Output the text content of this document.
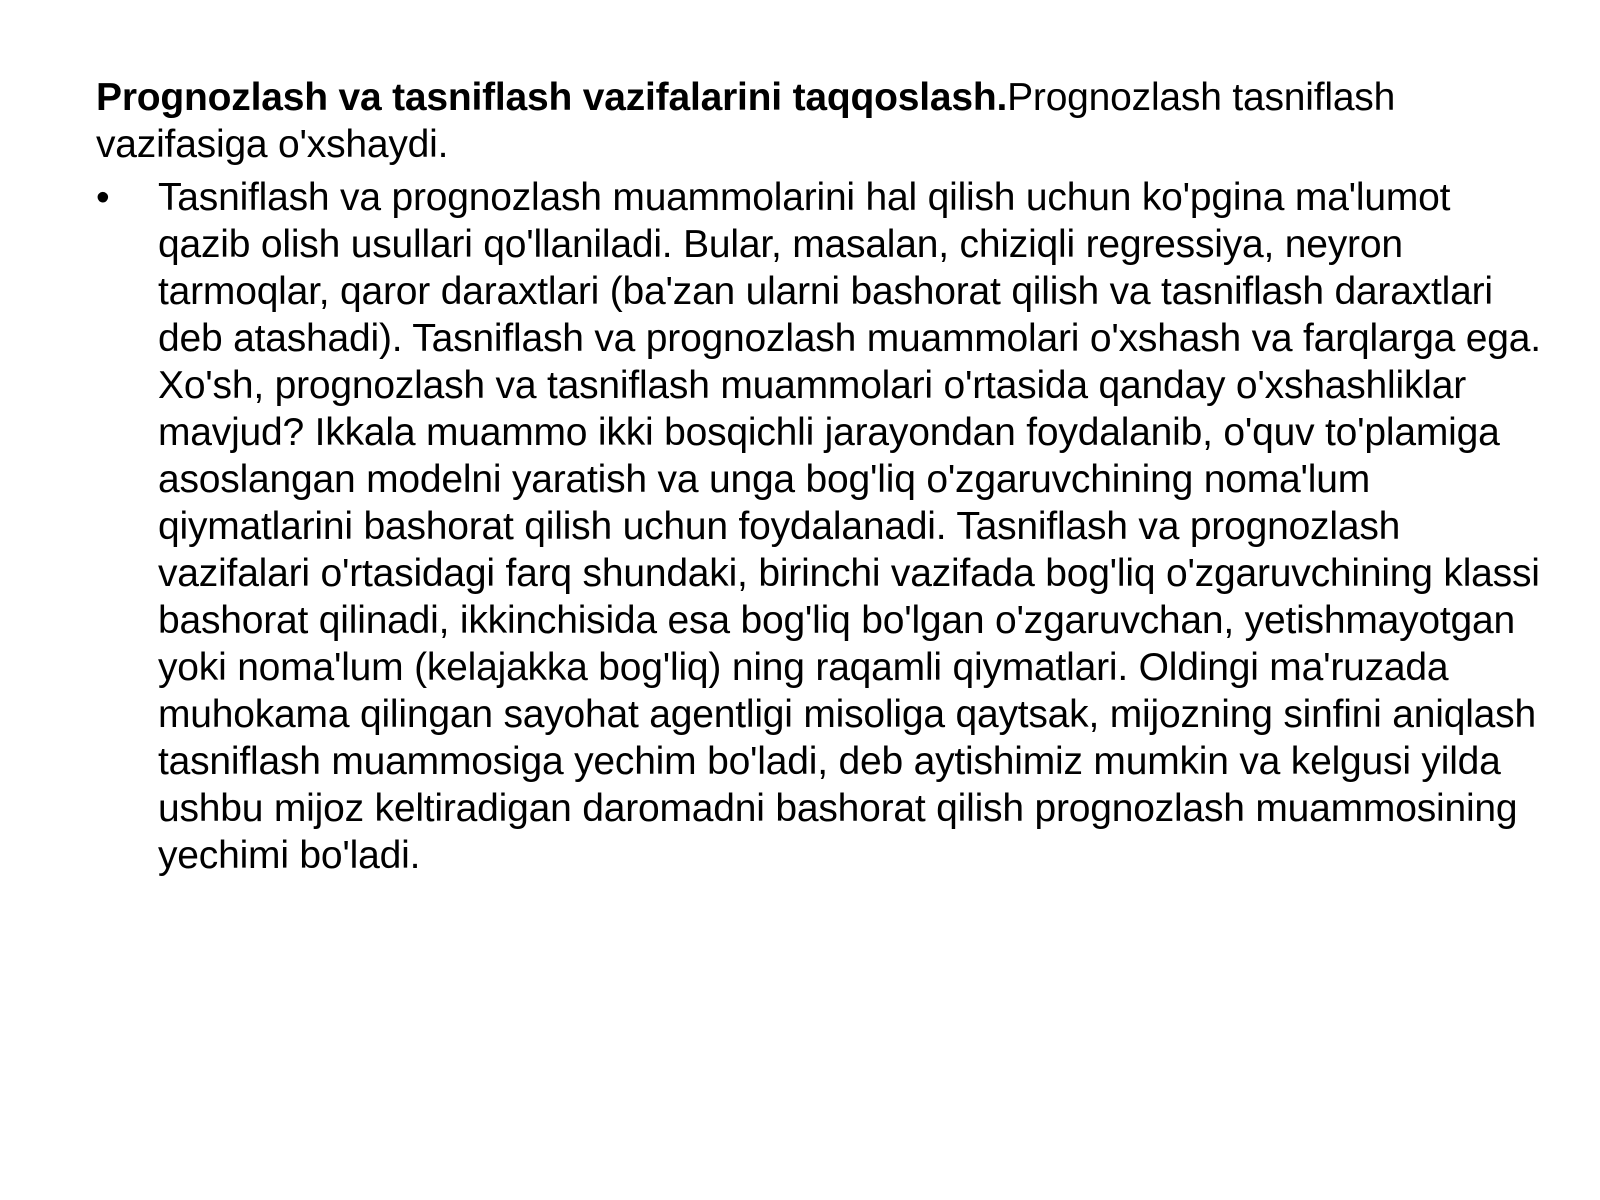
Prognozlash va tasniflash vazifalarini taqqoslash.Prognozlash tasniflash vazifasiga o'xshaydi.

•	Tasniflash va prognozlash muammolarini hal qilish uchun ko'pgina ma'lumot qazib olish usullari qo'llaniladi. Bular, masalan, chiziqli regressiya, neyron tarmoqlar, qaror daraxtlari (ba'zan ularni bashorat qilish va tasniflash daraxtlari deb atashadi). Tasniflash va prognozlash muammolari o'xshash va farqlarga ega. Xo'sh, prognozlash va tasniflash muammolari o'rtasida qanday o'xshashliklar mavjud? Ikkala muammo ikki bosqichli jarayondan foydalanib, o'quv to'plamiga asoslangan modelni yaratish va unga bog'liq o'zgaruvchining noma'lum qiymatlarini bashorat qilish uchun foydalanadi. Tasniflash va prognozlash vazifalari o'rtasidagi farq shundaki, birinchi vazifada bog'liq o'zgaruvchining klassi bashorat qilinadi, ikkinchisida esa bog'liq bo'lgan o'zgaruvchan, yetishmayotgan yoki noma'lum (kelajakka bog'liq) ning raqamli qiymatlari. Oldingi ma'ruzada muhokama qilingan sayohat agentligi misoliga qaytsak, mijozning sinfini aniqlash tasniflash muammosiga yechim bo'ladi, deb aytishimiz mumkin va kelgusi yilda ushbu mijoz keltiradigan daromadni bashorat qilish prognozlash muammosining yechimi bo'ladi.
